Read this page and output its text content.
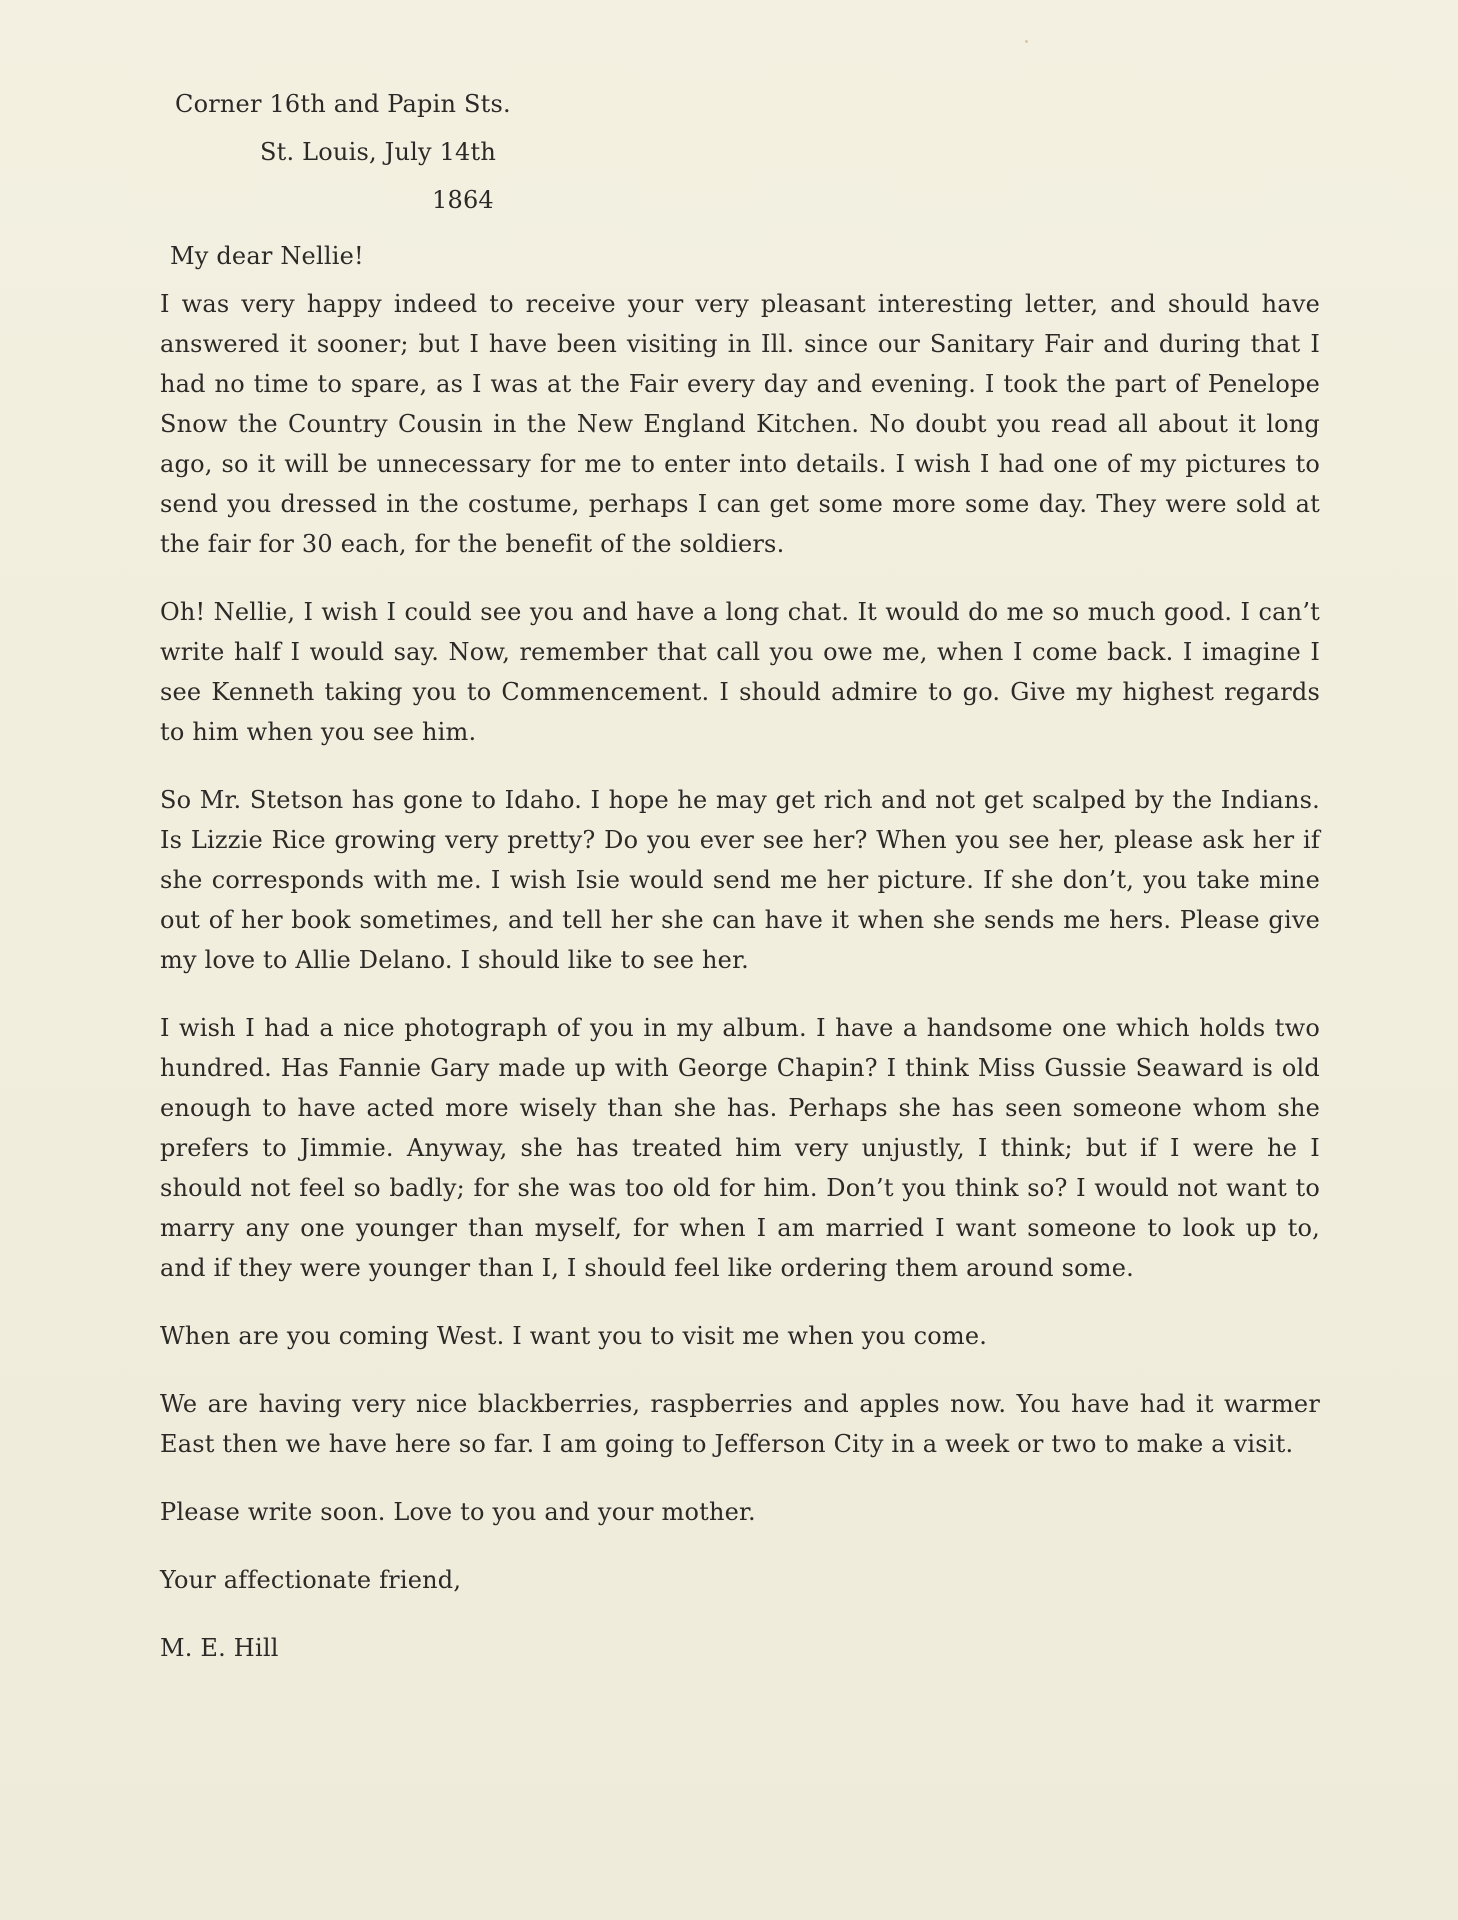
Corner 16th and Papin Sts.

St. Louis, July 14th

1864

My dear Nellie!

I was very happy indeed to receive your very pleasant interesting letter, and should have answered it sooner; but I have been visiting in Ill. since our Sanitary Fair and during that I had no time to spare, as I was at the Fair every day and evening. I took the part of Penelope Snow the Country Cousin in the New England Kitchen. No doubt you read all about it long ago, so it will be unnecessary for me to enter into details. I wish I had one of my pictures to send you dressed in the costume, perhaps I can get some more some day. They were sold at the fair for 30 each, for the benefit of the soldiers.

Oh! Nellie, I wish I could see you and have a long chat. It would do me so much good. I can’t write half I would say. Now, remember that call you owe me, when I come back. I imagine I see Kenneth taking you to Commencement. I should admire to go. Give my highest regards to him when you see him.

So Mr. Stetson has gone to Idaho. I hope he may get rich and not get scalped by the Indians. Is Lizzie Rice growing very pretty? Do you ever see her? When you see her, please ask her if she corresponds with me. I wish Isie would send me her picture. If she don’t, you take mine out of her book sometimes, and tell her she can have it when she sends me hers. Please give my love to Allie Delano. I should like to see her.

I wish I had a nice photograph of you in my album. I have a handsome one which holds two hundred. Has Fannie Gary made up with George Chapin? I think Miss Gussie Seaward is old enough to have acted more wisely than she has. Perhaps she has seen someone whom she prefers to Jimmie. Anyway, she has treated him very unjustly, I think; but if I were he I should not feel so badly; for she was too old for him. Don’t you think so? I would not want to marry any one younger than myself, for when I am married I want someone to look up to, and if they were younger than I, I should feel like ordering them around some.

When are you coming West. I want you to visit me when you come.

We are having very nice blackberries, raspberries and apples now. You have had it warmer East then we have here so far. I am going to Jefferson City in a week or two to make a visit.

Please write soon. Love to you and your mother.

Your affectionate friend,

M. E. Hill
